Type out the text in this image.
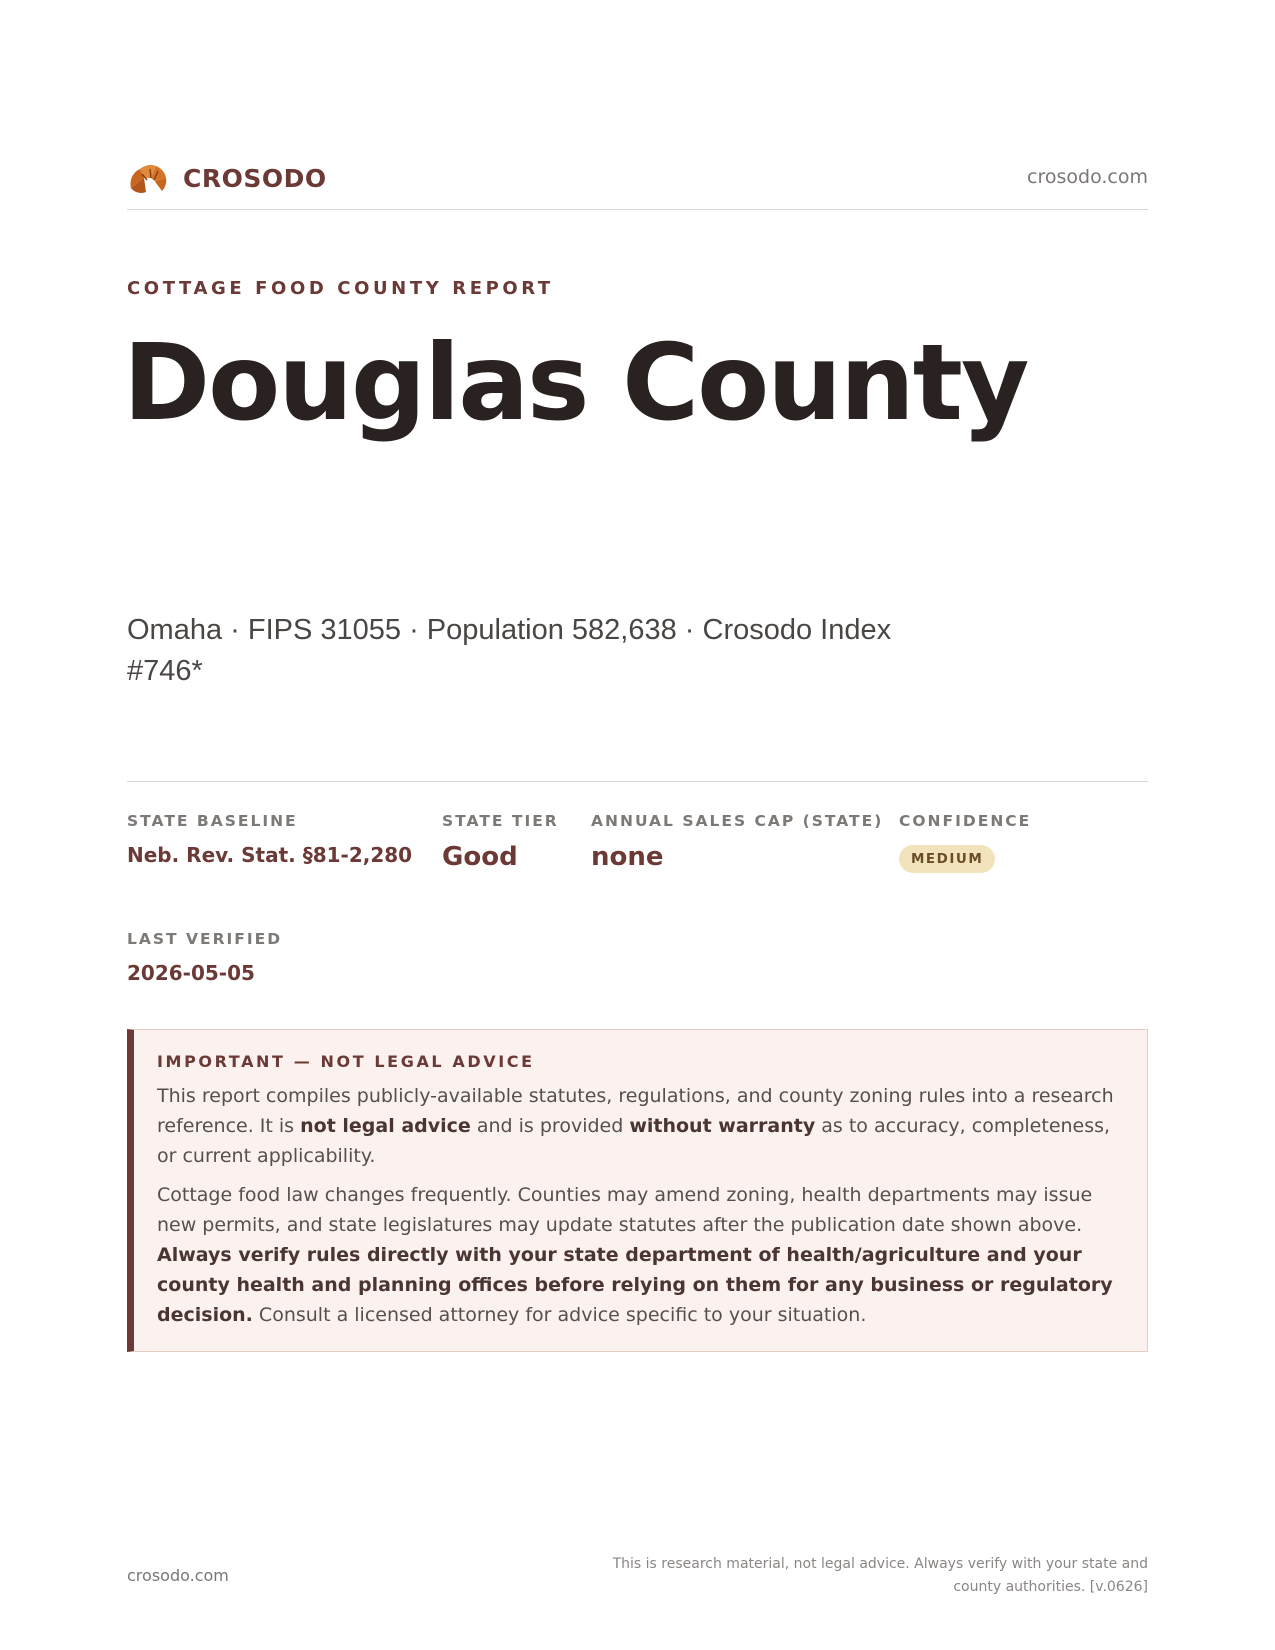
CROSODO	crosodo.com
COTTAGE FOOD COUNTY REPORT
Douglas County
Omaha · FIPS 31055 · Population 582,638 · Crosodo Index #746*
STATE BASELINE
Neb. Rev. Stat. §81-2,280
STATE TIER
Good
ANNUAL SALES CAP (STATE)
none
CONFIDENCE
MEDIUM
LAST VERIFIED
2026-05-05
IMPORTANT — NOT LEGAL ADVICE

This report compiles publicly-available statutes, regulations, and county zoning rules into a research reference. It is not legal advice and is provided without warranty as to accuracy, completeness, or current applicability.

Cottage food law changes frequently. Counties may amend zoning, health departments may issue new permits, and state legislatures may update statutes after the publication date shown above. Always verify rules directly with your state department of health/agriculture and your county health and planning offices before relying on them for any business or regulatory decision. Consult a licensed attorney for advice specific to your situation.

crosodo.com
This is research material, not legal advice. Always verify with your state and county authorities. [v.0626]
